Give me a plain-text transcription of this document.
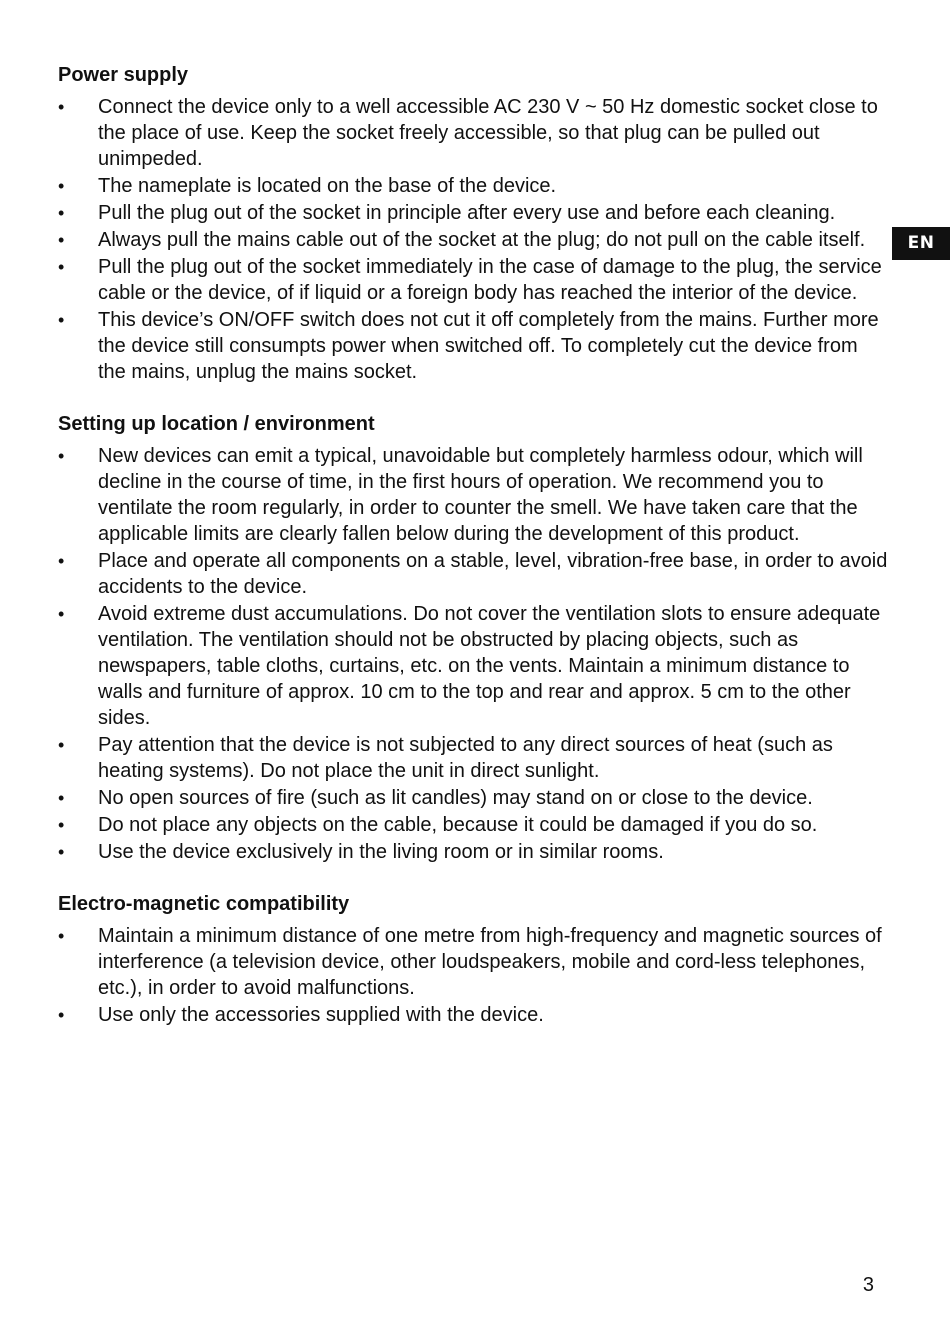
Power supply
• Connect the device only to a well accessible AC 230 V ~ 50 Hz domestic socket close to the place of use. Keep the socket freely accessible, so that plug can be pulled out unimpeded.
• The nameplate is located on the base of the device.
• Pull the plug out of the socket in principle after every use and before each cleaning.
• Always pull the mains cable out of the socket at the plug; do not pull on the cable itself.
• Pull the plug out of the socket immediately in the case of damage to the plug, the service cable or the device, of if liquid or a foreign body has reached the interior of the device.
• This device’s ON/OFF switch does not cut it off completely from the mains. Further more the device still consumpts power when switched off. To completely cut the device from the mains, unplug the mains socket.
Setting up location / environment
• New devices can emit a typical, unavoidable but completely harmless odour, which will decline in the course of time, in the first hours of operation. We recommend you to ventilate the room regularly, in order to counter the smell. We have taken care that the applicable limits are clearly fallen below during the development of this product.
• Place and operate all components on a stable, level, vibration-free base, in order to avoid accidents to the device.
• Avoid extreme dust accumulations. Do not cover the ventilation slots to ensure adequate ventilation. The ventilation should not be obstructed by placing objects, such as newspapers, table cloths, curtains, etc. on the vents. Maintain a minimum distance to walls and furniture of approx. 10 cm to the top and rear and approx. 5 cm to the other sides.
• Pay attention that the device is not subjected to any direct sources of heat (such as heating systems). Do not place the unit in direct sunlight.
• No open sources of fire (such as lit candles) may stand on or close to the device.
• Do not place any objects on the cable, because it could be damaged if you do so.
• Use the device exclusively in the living room or in similar rooms.
Electro-magnetic compatibility
• Maintain a minimum distance of one metre from high-frequency and magnetic sources of interference (a television device, other loudspeakers, mobile and cord-less telephones, etc.), in order to avoid malfunctions.
• Use only the accessories supplied with the device.
EN
3
